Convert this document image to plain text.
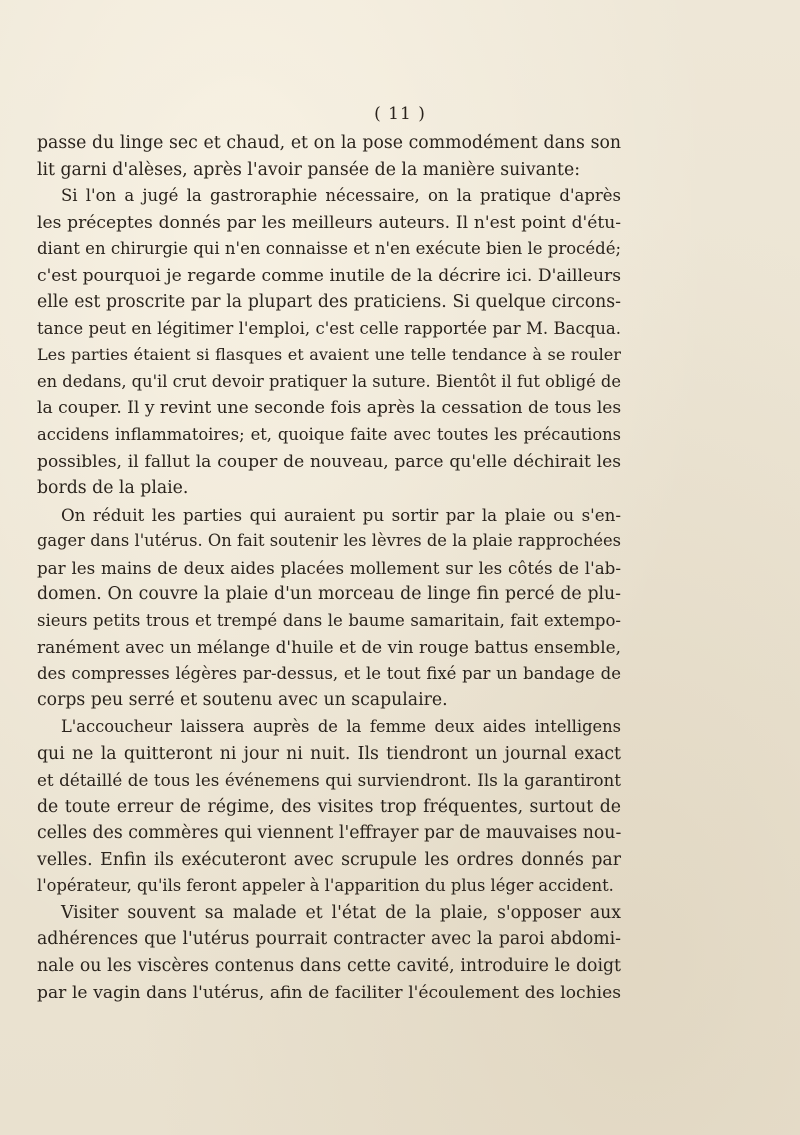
( 11 )
passe du linge sec et chaud, et on la pose commodément dans son
lit garni d'alèses, après l'avoir pansée de la manière suivante:
Si l'on a jugé la gastroraphie nécessaire, on la pratique d'après
les préceptes donnés par les meilleurs auteurs. Il n'est point d'étu-
diant en chirurgie qui n'en connaisse et n'en exécute bien le procédé;
c'est pourquoi je regarde comme inutile de la décrire ici. D'ailleurs
elle est proscrite par la plupart des praticiens. Si quelque circons-
tance peut en légitimer l'emploi, c'est celle rapportée par M. Bacqua.
Les parties étaient si flasques et avaient une telle tendance à se rouler
en dedans, qu'il crut devoir pratiquer la suture. Bientôt il fut obligé de
la couper. Il y revint une seconde fois après la cessation de tous les
accidens inflammatoires; et, quoique faite avec toutes les précautions
possibles, il fallut la couper de nouveau, parce qu'elle déchirait les
bords de la plaie.
On réduit les parties qui auraient pu sortir par la plaie ou s'en-
gager dans l'utérus. On fait soutenir les lèvres de la plaie rapprochées
par les mains de deux aides placées mollement sur les côtés de l'ab-
domen. On couvre la plaie d'un morceau de linge fin percé de plu-
sieurs petits trous et trempé dans le baume samaritain, fait extempo-
ranément avec un mélange d'huile et de vin rouge battus ensemble,
des compresses légères par-dessus, et le tout fixé par un bandage de
corps peu serré et soutenu avec un scapulaire.
L'accoucheur laissera auprès de la femme deux aides intelligens
qui ne la quitteront ni jour ni nuit. Ils tiendront un journal exact
et détaillé de tous les événemens qui surviendront. Ils la garantiront
de toute erreur de régime, des visites trop fréquentes, surtout de
celles des commères qui viennent l'effrayer par de mauvaises nou-
velles. Enfin ils exécuteront avec scrupule les ordres donnés par
l'opérateur, qu'ils feront appeler à l'apparition du plus léger accident.
Visiter souvent sa malade et l'état de la plaie, s'opposer aux
adhérences que l'utérus pourrait contracter avec la paroi abdomi-
nale ou les viscères contenus dans cette cavité, introduire le doigt
par le vagin dans l'utérus, afin de faciliter l'écoulement des lochies
